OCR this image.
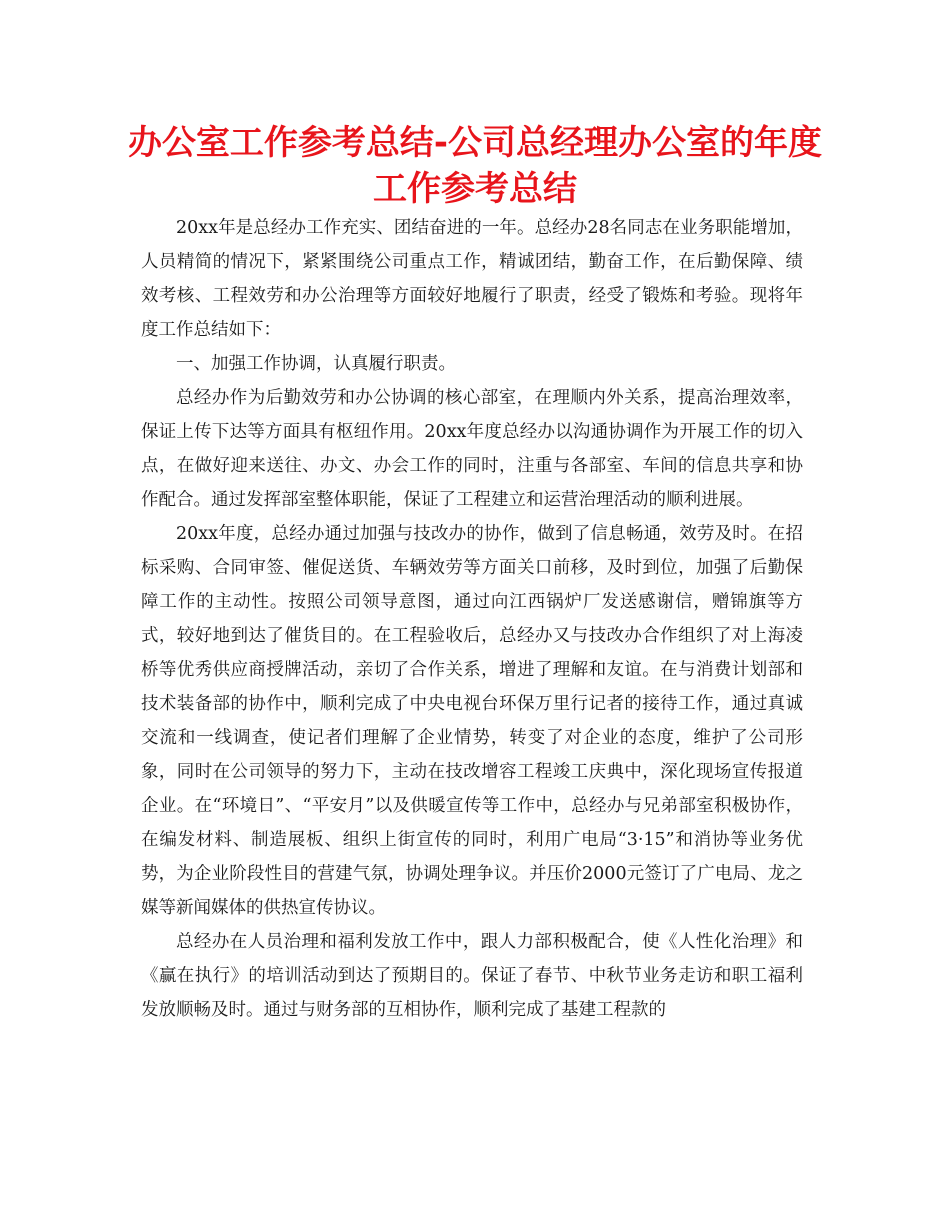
办公室工作参考总结-公司总经理办公室的年度工作参考总结

20xx年是总经办工作充实、团结奋进的一年。总经办28名同志在业务职能增加，人员精简的情况下，紧紧围绕公司重点工作，精诚团结，勤奋工作，在后勤保障、绩效考核、工程效劳和办公治理等方面较好地履行了职责，经受了锻炼和考验。现将年度工作总结如下：

一、加强工作协调，认真履行职责。

总经办作为后勤效劳和办公协调的核心部室，在理顺内外关系，提高治理效率，保证上传下达等方面具有枢纽作用。20xx年度总经办以沟通协调作为开展工作的切入点，在做好迎来送往、办文、办会工作的同时，注重与各部室、车间的信息共享和协作配合。通过发挥部室整体职能，保证了工程建立和运营治理活动的顺利进展。

20xx年度，总经办通过加强与技改办的协作，做到了信息畅通，效劳及时。在招标采购、合同审签、催促送货、车辆效劳等方面关口前移，及时到位，加强了后勤保障工作的主动性。按照公司领导意图，通过向江西锅炉厂发送感谢信，赠锦旗等方式，较好地到达了催货目的。在工程验收后，总经办又与技改办合作组织了对上海凌桥等优秀供应商授牌活动，亲切了合作关系，增进了理解和友谊。在与消费计划部和技术装备部的协作中，顺利完成了中央电视台环保万里行记者的接待工作，通过真诚交流和一线调查，使记者们理解了企业情势，转变了对企业的态度，维护了公司形象，同时在公司领导的努力下，主动在技改增容工程竣工庆典中，深化现场宣传报道企业。在“环境日”、“平安月”以及供暖宣传等工作中，总经办与兄弟部室积极协作，在编发材料、制造展板、组织上街宣传的同时，利用广电局“3·15”和消协等业务优势，为企业阶段性目的营建气氛，协调处理争议。并压价2000元签订了广电局、龙之媒等新闻媒体的供热宣传协议。

总经办在人员治理和福利发放工作中，跟人力部积极配合，使《人性化治理》和《赢在执行》的培训活动到达了预期目的。保证了春节、中秋节业务走访和职工福利发放顺畅及时。通过与财务部的互相协作，顺利完成了基建工程款的
